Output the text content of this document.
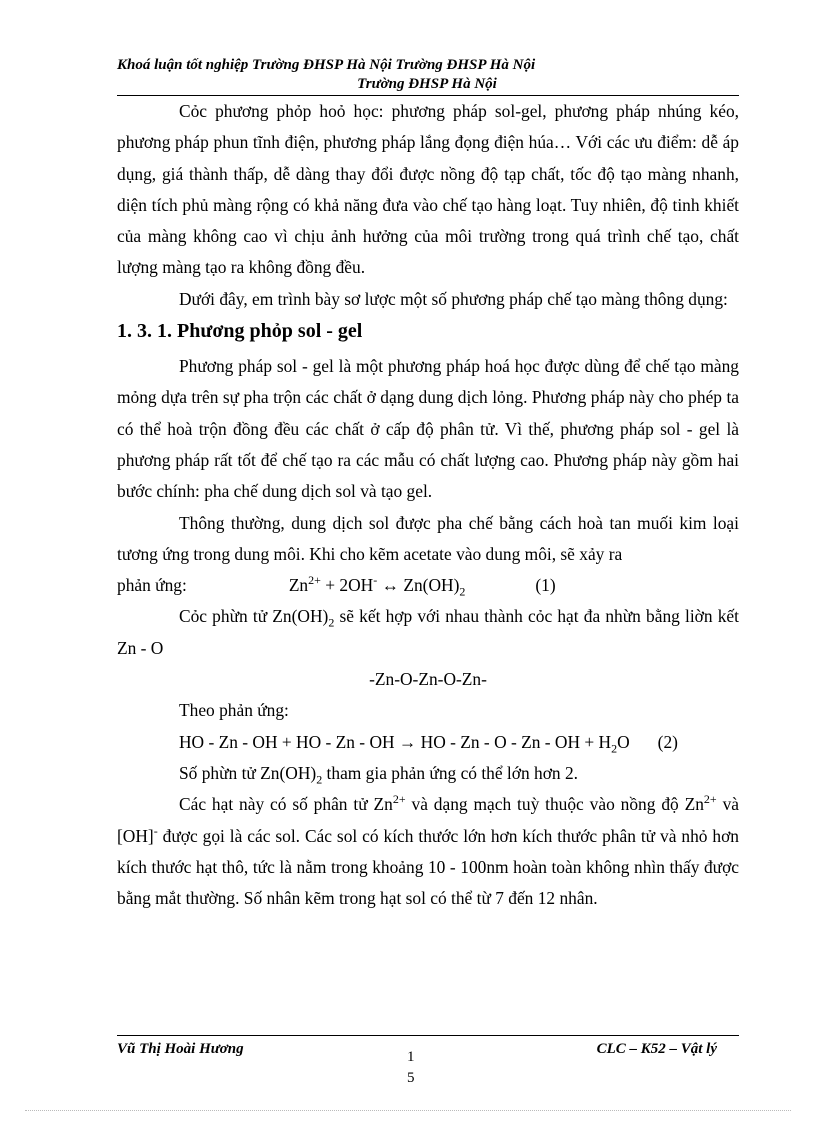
Khoá luận tốt nghiệp Trường ĐHSP Hà Nội Trường ĐHSP Hà Nội
Trường ĐHSP Hà Nội

Cỏc phương phỏp hoỏ học: phương pháp sol-gel, phương pháp nhúng kéo, phương pháp phun tĩnh điện, phương pháp lắng đọng điện húa… Với các ưu điểm: dễ áp dụng, giá thành thấp, dễ dàng thay đổi được nồng độ tạp chất, tốc độ tạo màng nhanh, diện tích phủ màng rộng có khả năng đưa vào chế tạo hàng loạt. Tuy nhiên, độ tinh khiết của màng không cao vì chịu ảnh hưởng của môi trường trong quá trình chế tạo, chất lượng màng tạo ra không đồng đều.

Dưới đây, em trình bày sơ lược một số phương pháp chế tạo màng thông dụng:

1. 3. 1. Phương phỏp sol - gel

Phương pháp sol - gel là một phương pháp hoá học được dùng để chế tạo màng mỏng dựa trên sự pha trộn các chất ở dạng dung dịch lỏng. Phương pháp này cho phép ta có thể hoà trộn đồng đều các chất ở cấp độ phân tử. Vì thế, phương pháp sol - gel là phương pháp rất tốt để chế tạo ra các mẫu có chất lượng cao. Phương pháp này gồm hai bước chính: pha chế dung dịch sol và tạo gel.

Thông thường, dung dịch sol được pha chế bằng cách hoà tan muối kim loại tương ứng trong dung môi. Khi cho kẽm acetate vào dung môi, sẽ xảy ra

phản ứng:	$Zn^{2+} + 2OH^-$ ↔ $Zn(OH)_2$	(1)

Cỏc phừn tử $Zn(OH)_2$ sẽ kết hợp với nhau thành cỏc hạt đa nhừn bằng liờn kết Zn - O

-Zn-O-Zn-O-Zn-

Theo phản ứng:

HO - Zn - OH + HO - Zn - OH → HO - Zn - O - Zn - OH + $H_2O$ (2)

Số phừn tử $Zn(OH)_2$ tham gia phản ứng có thể lớn hơn 2.

Các hạt này có số phân tử $Zn^{2+}$ và dạng mạch tuỳ thuộc vào nồng độ $Zn^{2+}$ và [OH]- được gọi là các sol. Các sol có kích thước lớn hơn kích thước phân tử và nhỏ hơn kích thước hạt thô, tức là nằm trong khoảng 10 - 100nm hoàn toàn không nhìn thấy được bằng mắt thường. Số nhân kẽm trong hạt sol có thể từ 7 đến 12 nhân.

Vũ Thị Hoài Hương	1
5
CLC – K52 – Vật lý
